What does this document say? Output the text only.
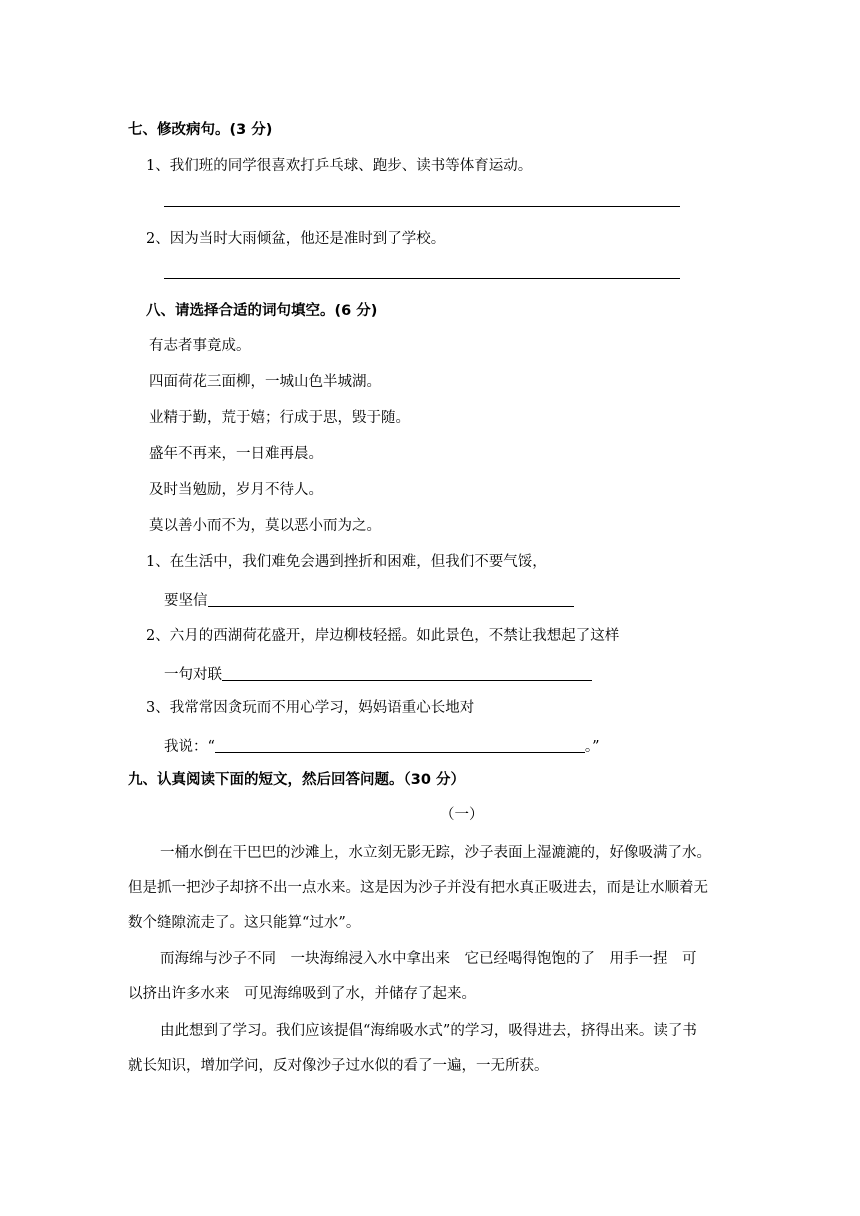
七、修改病句。(3 分)
1、我们班的同学很喜欢打乒乓球、跑步、读书等体育运动。
2、因为当时大雨倾盆，他还是准时到了学校。
八、请选择合适的词句填空。(6 分)
有志者事竟成。
四面荷花三面柳，一城山色半城湖。
业精于勤，荒于嬉；行成于思，毁于随。
盛年不再来，一日难再晨。
及时当勉励，岁月不待人。
莫以善小而不为，莫以恶小而为之。
1、在生活中，我们难免会遇到挫折和困难，但我们不要气馁，
要坚信
2、六月的西湖荷花盛开，岸边柳枝轻摇。如此景色，不禁让我想起了这样
一句对联
3、我常常因贪玩而不用心学习，妈妈语重心长地对
我说：“	。”
九、认真阅读下面的短文，然后回答问题。（30 分）
（一）
一桶水倒在干巴巴的沙滩上，水立刻无影无踪，沙子表面上湿漉漉的，好像吸满了水。
但是抓一把沙子却挤不出一点水来。这是因为沙子并没有把水真正吸进去，而是让水顺着无
数个缝隙流走了。这只能算“过水”。
而海绵与沙子不同　一块海绵浸入水中拿出来　它已经喝得饱饱的了　用手一捏　可
以挤出许多水来　可见海绵吸到了水，并储存了起来。
由此想到了学习。我们应该提倡“海绵吸水式”的学习，吸得进去，挤得出来。读了书
就长知识，增加学问，反对像沙子过水似的看了一遍，一无所获。
